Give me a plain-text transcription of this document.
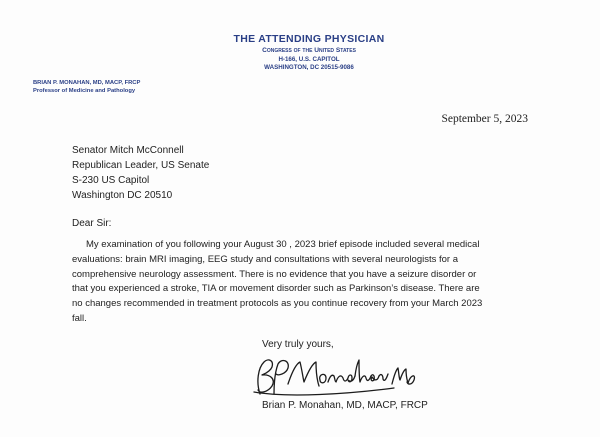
THE ATTENDING PHYSICIAN
Congress of the United States
H-166, U.S. CAPITOL
WASHINGTON, DC 20515-9086
BRIAN P. MONAHAN, MD, MACP, FRCP
Professor of Medicine and Pathology
September 5, 2023
Senator Mitch McConnell
Republican Leader, US Senate
S-230 US Capitol
Washington DC 20510
Dear Sir:
My examination of you following your August 30 , 2023 brief episode included several medical
evaluations: brain MRI imaging, EEG study and consultations with several neurologists for a
comprehensive neurology assessment. There is no evidence that you have a seizure disorder or
that you experienced a stroke, TIA or movement disorder such as Parkinson’s disease. There are
no changes recommended in treatment protocols as you continue recovery from your March 2023
fall.
Very truly yours,
Brian P. Monahan, MD, MACP, FRCP
